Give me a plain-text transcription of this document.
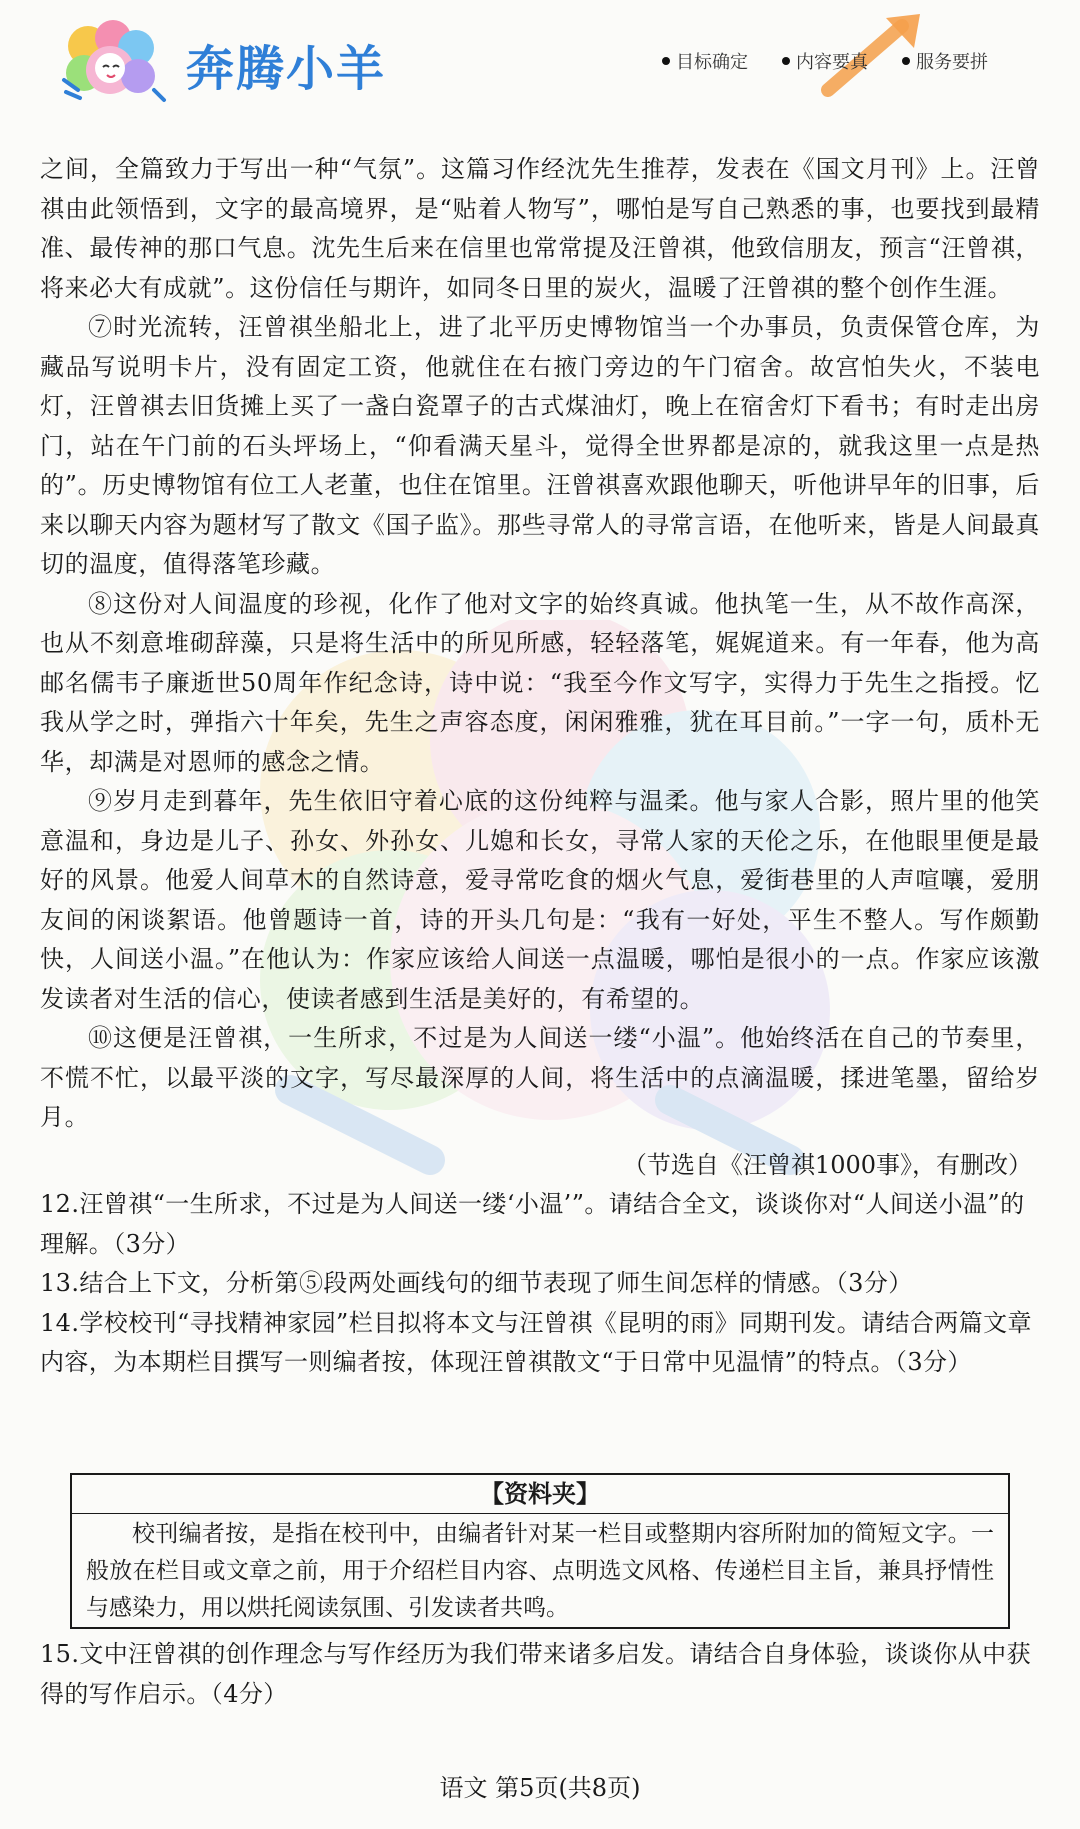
奔腾小羊	目标确定	内容要真	服务要拼

之间，全篇致力于写出一种“气氛”。这篇习作经沈先生推荐，发表在《国文月刊》上。汪曾祺由此领悟到，文字的最高境界，是“贴着人物写”，哪怕是写自己熟悉的事，也要找到最精准、最传神的那口气息。沈先生后来在信里也常常提及汪曾祺，他致信朋友，预言“汪曾祺，将来必大有成就”。这份信任与期许，如同冬日里的炭火，温暖了汪曾祺的整个创作生涯。

⑦时光流转，汪曾祺坐船北上，进了北平历史博物馆当一个办事员，负责保管仓库，为藏品写说明卡片，没有固定工资，他就住在右掖门旁边的午门宿舍。故宫怕失火，不装电灯，汪曾祺去旧货摊上买了一盏白瓷罩子的古式煤油灯，晚上在宿舍灯下看书；有时走出房门，站在午门前的石头坪场上，“仰看满天星斗，觉得全世界都是凉的，就我这里一点是热的”。历史博物馆有位工人老董，也住在馆里。汪曾祺喜欢跟他聊天，听他讲早年的旧事，后来以聊天内容为题材写了散文《国子监》。那些寻常人的寻常言语，在他听来，皆是人间最真切的温度，值得落笔珍藏。

⑧这份对人间温度的珍视，化作了他对文字的始终真诚。他执笔一生，从不故作高深，也从不刻意堆砌辞藻，只是将生活中的所见所感，轻轻落笔，娓娓道来。有一年春，他为高邮名儒韦子廉逝世50周年作纪念诗，诗中说：“我至今作文写字，实得力于先生之指授。忆我从学之时，弹指六十年矣，先生之声容态度，闲闲雅雅，犹在耳目前。”一字一句，质朴无华，却满是对恩师的感念之情。

⑨岁月走到暮年，先生依旧守着心底的这份纯粹与温柔。他与家人合影，照片里的他笑意温和，身边是儿子、孙女、外孙女、儿媳和长女，寻常人家的天伦之乐，在他眼里便是最好的风景。他爱人间草木的自然诗意，爱寻常吃食的烟火气息，爱街巷里的人声喧嚷，爱朋友间的闲谈絮语。他曾题诗一首，诗的开头几句是：“我有一好处，平生不整人。写作颇勤快，人间送小温。”在他认为：作家应该给人间送一点温暖，哪怕是很小的一点。作家应该激发读者对生活的信心，使读者感到生活是美好的，有希望的。

⑩这便是汪曾祺，一生所求，不过是为人间送一缕“小温”。他始终活在自己的节奏里，不慌不忙，以最平淡的文字，写尽最深厚的人间，将生活中的点滴温暖，揉进笔墨，留给岁月。

（节选自《汪曾祺1000事》，有删改）

12.汪曾祺“一生所求，不过是为人间送一缕‘小温’”。请结合全文，谈谈你对“人间送小温”的理解。（3分）

13.结合上下文，分析第⑤段两处画线句的细节表现了师生间怎样的情感。（3分）

14.学校校刊“寻找精神家园”栏目拟将本文与汪曾祺《昆明的雨》同期刊发。请结合两篇文章内容，为本期栏目撰写一则编者按，体现汪曾祺散文“于日常中见温情”的特点。（3分）

【资料夹】
校刊编者按，是指在校刊中，由编者针对某一栏目或整期内容所附加的简短文字。一般放在栏目或文章之前，用于介绍栏目内容、点明选文风格、传递栏目主旨，兼具抒情性与感染力，用以烘托阅读氛围、引发读者共鸣。

15.文中汪曾祺的创作理念与写作经历为我们带来诸多启发。请结合自身体验，谈谈你从中获得的写作启示。（4分）

语文 第5页(共8页)
